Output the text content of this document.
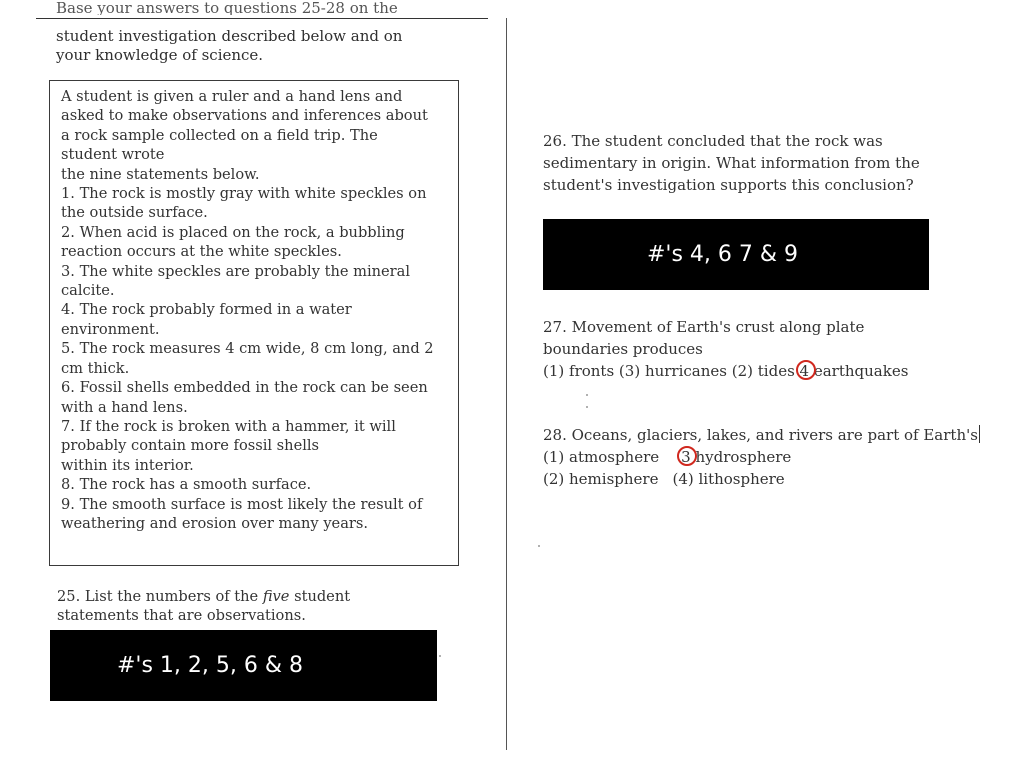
Base your answers to questions 25-28 on the
student investigation described below and on
your knowledge of science.
A student is given a ruler and a hand lens and
asked to make observations and inferences about
a rock sample collected on a field trip. The
student wrote
the nine statements below.
1. The rock is mostly gray with white speckles on
the outside surface.
2. When acid is placed on the rock, a bubbling
reaction occurs at the white speckles.
3. The white speckles are probably the mineral
calcite.
4. The rock probably formed in a water
environment.
5. The rock measures 4 cm wide, 8 cm long, and 2
cm thick.
6. Fossil shells embedded in the rock can be seen
with a hand lens.
7. If the rock is broken with a hammer, it will
probably contain more fossil shells
within its interior.
8. The rock has a smooth surface.
9. The smooth surface is most likely the result of
weathering and erosion over many years.
25. List the numbers of the five student
statements that are observations.
#'s 1, 2, 5, 6 & 8
26. The student concluded that the rock was
sedimentary in origin. What information from the
student's investigation supports this conclusion?
#'s 4, 6 7 & 9
27. Movement of Earth's crust along plate
boundaries produces
(1) fronts (3) hurricanes (2) tides
4 earthquakes
28. Oceans, glaciers, lakes, and rivers are part of Earth's
(1) atmosphere 3 hydrosphere
(2) hemisphere (4) lithosphere
